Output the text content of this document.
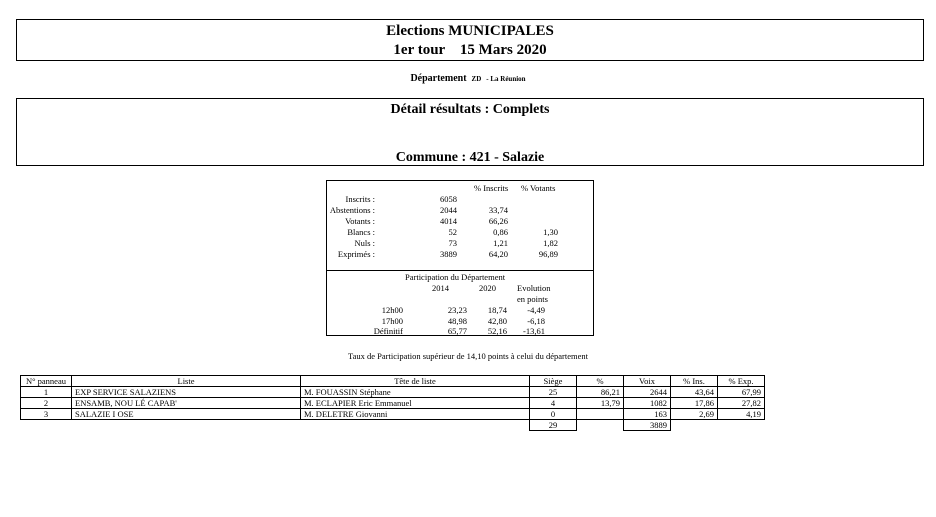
Elections MUNICIPALES
1er tour    15 Mars 2020
Département ZD - La Réunion
Détail résultats : Complets
Commune : 421 - Salazie
% Inscrits % Votants
Inscrits :	6058
Abstentions :	2044	33,74
Votants :	4014	66,26
Blancs :	52	0,86	1,30
Nuls :	73	1,21	1,82
Exprimés :	3889	64,20	96,89
Participation du Département
2014	2020 Evolution
en points
12h00	23,23 18,74 -4,49
17h00	48,98 42,80 -6,18
Définitif	65,77 52,16 -13,61
Taux de Participation supérieur de 14,10 points à celui du département
N° panneau	Liste	Tête de liste	Siège	%	Voix	% Ins.	% Exp.
1	EXP SERVICE SALAZIENS	M. FOUASSIN Stéphane	25	86,21	2644	43,64	67,99
2	ENSAMB, NOU LÉ CAPAB'	M. ECLAPIER Eric Emmanuel	4	13,79	1082	17,86	27,82
3	SALAZIE I OSE	M. DELETRE Giovanni	0		163	2,69	4,19
			29		3889		
